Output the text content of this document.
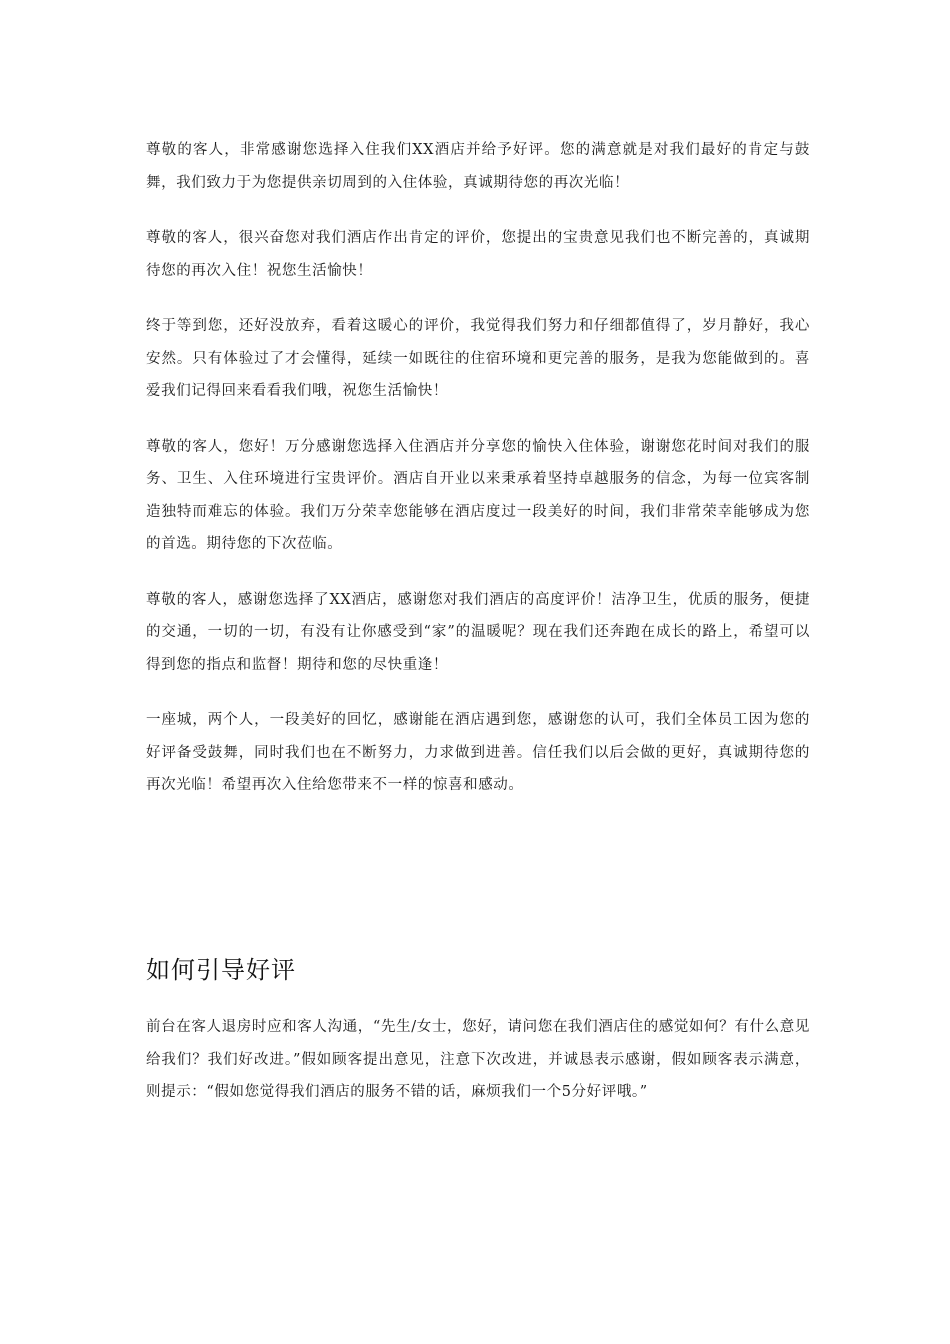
尊敬的客人，非常感谢您选择入住我们XX酒店并给予好评。您的满意就是对我们最好的肯定与鼓舞，我们致力于为您提供亲切周到的入住体验，真诚期待您的再次光临！

尊敬的客人，很兴奋您对我们酒店作出肯定的评价，您提出的宝贵意见我们也不断完善的，真诚期待您的再次入住！祝您生活愉快！

终于等到您，还好没放弃，看着这暖心的评价，我觉得我们努力和仔细都值得了，岁月静好，我心安然。只有体验过了才会懂得，延续一如既往的住宿环境和更完善的服务，是我为您能做到的。喜爱我们记得回来看看我们哦，祝您生活愉快！

尊敬的客人，您好！万分感谢您选择入住酒店并分享您的愉快入住体验，谢谢您花时间对我们的服务、卫生、入住环境进行宝贵评价。酒店自开业以来秉承着坚持卓越服务的信念，为每一位宾客制造独特而难忘的体验。我们万分荣幸您能够在酒店度过一段美好的时间，我们非常荣幸能够成为您的首选。期待您的下次莅临。

尊敬的客人，感谢您选择了XX酒店，感谢您对我们酒店的高度评价！洁净卫生，优质的服务，便捷的交通，一切的一切，有没有让你感受到“家”的温暖呢？现在我们还奔跑在成长的路上，希望可以得到您的指点和监督！期待和您的尽快重逢！

一座城，两个人，一段美好的回忆，感谢能在酒店遇到您，感谢您的认可，我们全体员工因为您的好评备受鼓舞，同时我们也在不断努力，力求做到进善。信任我们以后会做的更好，真诚期待您的再次光临！希望再次入住给您带来不一样的惊喜和感动。

如何引导好评

前台在客人退房时应和客人沟通，“先生/女士，您好，请问您在我们酒店住的感觉如何？有什么意见给我们？我们好改进。”假如顾客提出意见，注意下次改进，并诚恳表示感谢，假如顾客表示满意，则提示：“假如您觉得我们酒店的服务不错的话，麻烦我们一个5分好评哦。”
